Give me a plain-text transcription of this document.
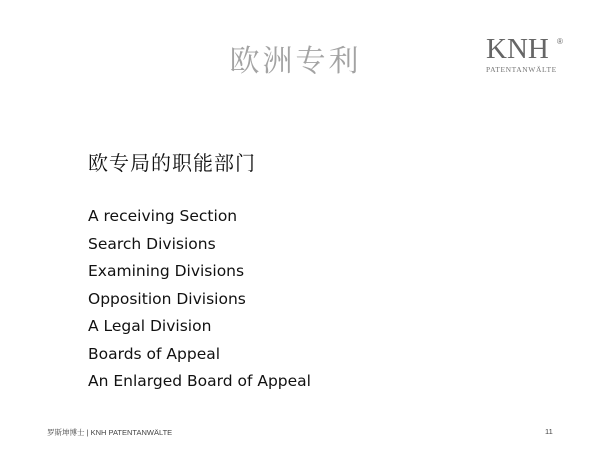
欧洲专利	KNH	®
PATENTANWÄLTE
欧专局的职能部门
A receiving Section
Search Divisions
Examining Divisions
Opposition Divisions
A Legal Division
Boards of Appeal
An Enlarged Board of Appeal
罗斯坤博士 | KNH PATENTANWÄLTE	11
